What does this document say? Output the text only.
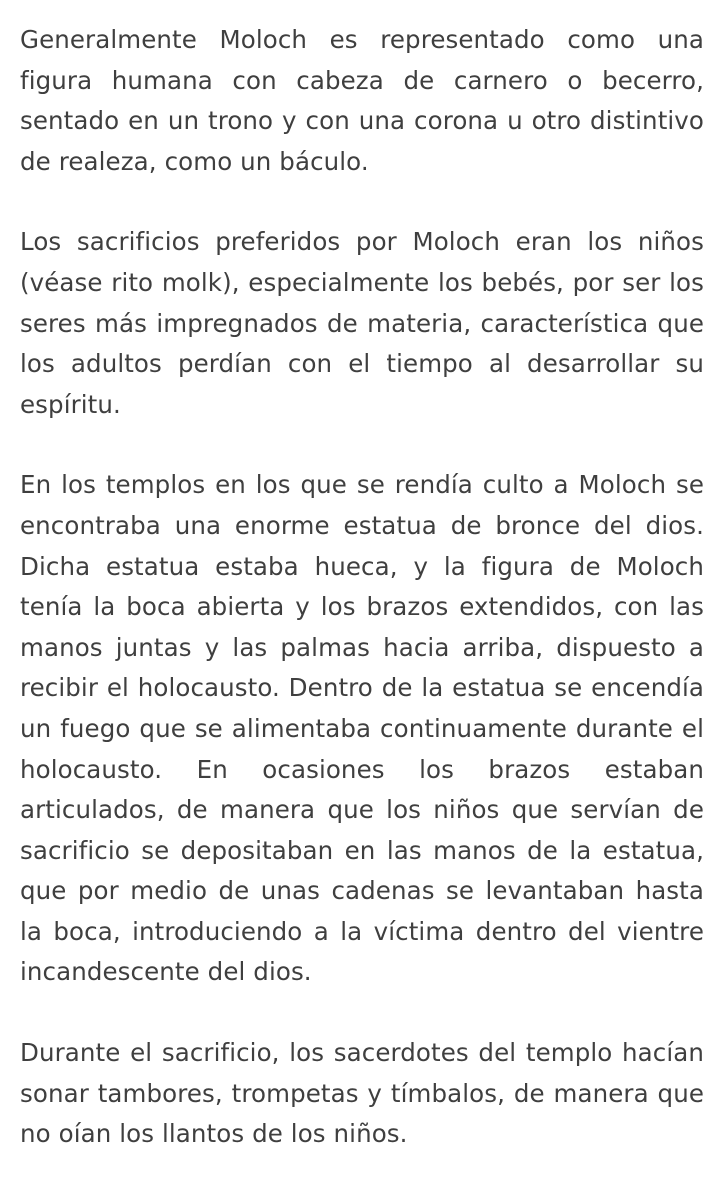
Generalmente Moloch es representado como una figura humana con cabeza de carnero o becerro, sentado en un trono y con una corona u otro distintivo de realeza, como un báculo.

Los sacrificios preferidos por Moloch eran los niños (véase rito molk), especialmente los bebés, por ser los seres más impregnados de materia, característica que los adultos perdían con el tiempo al desarrollar su espíritu.

En los templos en los que se rendía culto a Moloch se encontraba una enorme estatua de bronce del dios. Dicha estatua estaba hueca, y la figura de Moloch tenía la boca abierta y los brazos extendidos, con las manos juntas y las palmas hacia arriba, dispuesto a recibir el holocausto. Dentro de la estatua se encendía un fuego que se alimentaba continuamente durante el holocausto. En ocasiones los brazos estaban articulados, de manera que los niños que servían de sacrificio se depositaban en las manos de la estatua, que por medio de unas cadenas se levantaban hasta la boca, introduciendo a la víctima dentro del vientre incandescente del dios.

Durante el sacrificio, los sacerdotes del templo hacían sonar tambores, trompetas y tímbalos, de manera que no oían los llantos de los niños.
